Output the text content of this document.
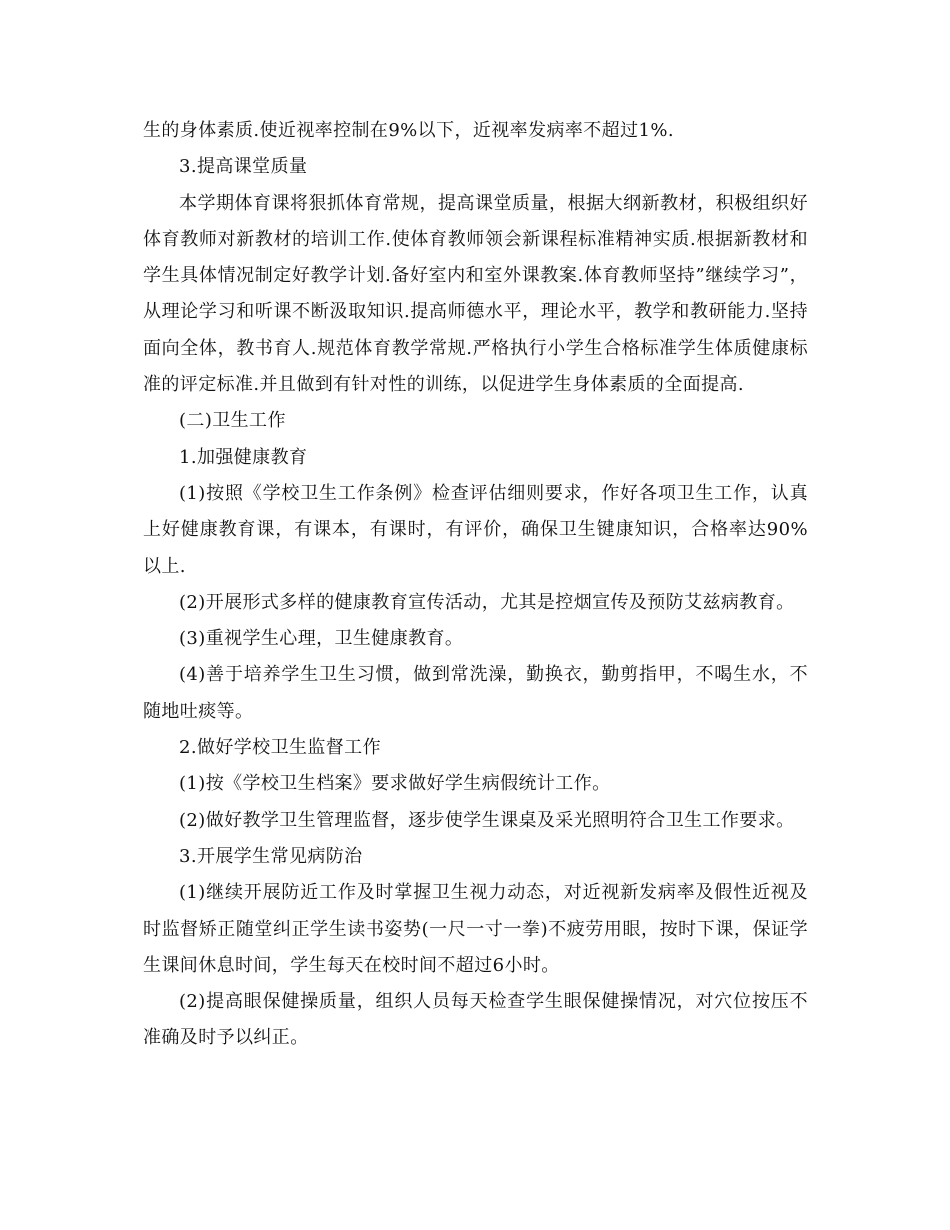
生的身体素质.使近视率控制在9%以下，近视率发病率不超过1%.

3.提高课堂质量

本学期体育课将狠抓体育常规，提高课堂质量，根据大纲新教材，积极组织好体育教师对新教材的培训工作.使体育教师领会新课程标准精神实质.根据新教材和学生具体情况制定好教学计划.备好室内和室外课教案.体育教师坚持”继续学习”，从理论学习和听课不断汲取知识.提高师德水平，理论水平，教学和教研能力.坚持面向全体，教书育人.规范体育教学常规.严格执行小学生合格标准学生体质健康标准的评定标准.并且做到有针对性的训练，以促进学生身体素质的全面提高.

(二)卫生工作

1.加强健康教育

(1)按照《学校卫生工作条例》检查评估细则要求，作好各项卫生工作，认真上好健康教育课，有课本，有课时，有评价，确保卫生键康知识，合格率达90%以上.

(2)开展形式多样的健康教育宣传活动，尤其是控烟宣传及预防艾兹病教育。

(3)重视学生心理，卫生健康教育。

(4)善于培养学生卫生习惯，做到常洗澡，勤换衣，勤剪指甲，不喝生水，不随地吐痰等。

2.做好学校卫生监督工作

(1)按《学校卫生档案》要求做好学生病假统计工作。

(2)做好教学卫生管理监督，逐步使学生课桌及采光照明符合卫生工作要求。

3.开展学生常见病防治

(1)继续开展防近工作及时掌握卫生视力动态，对近视新发病率及假性近视及时监督矫正随堂纠正学生读书姿势(一尺一寸一拳)不疲劳用眼，按时下课，保证学生课间休息时间，学生每天在校时间不超过6小时。

(2)提高眼保健操质量，组织人员每天检查学生眼保健操情况，对穴位按压不准确及时予以纠正。
